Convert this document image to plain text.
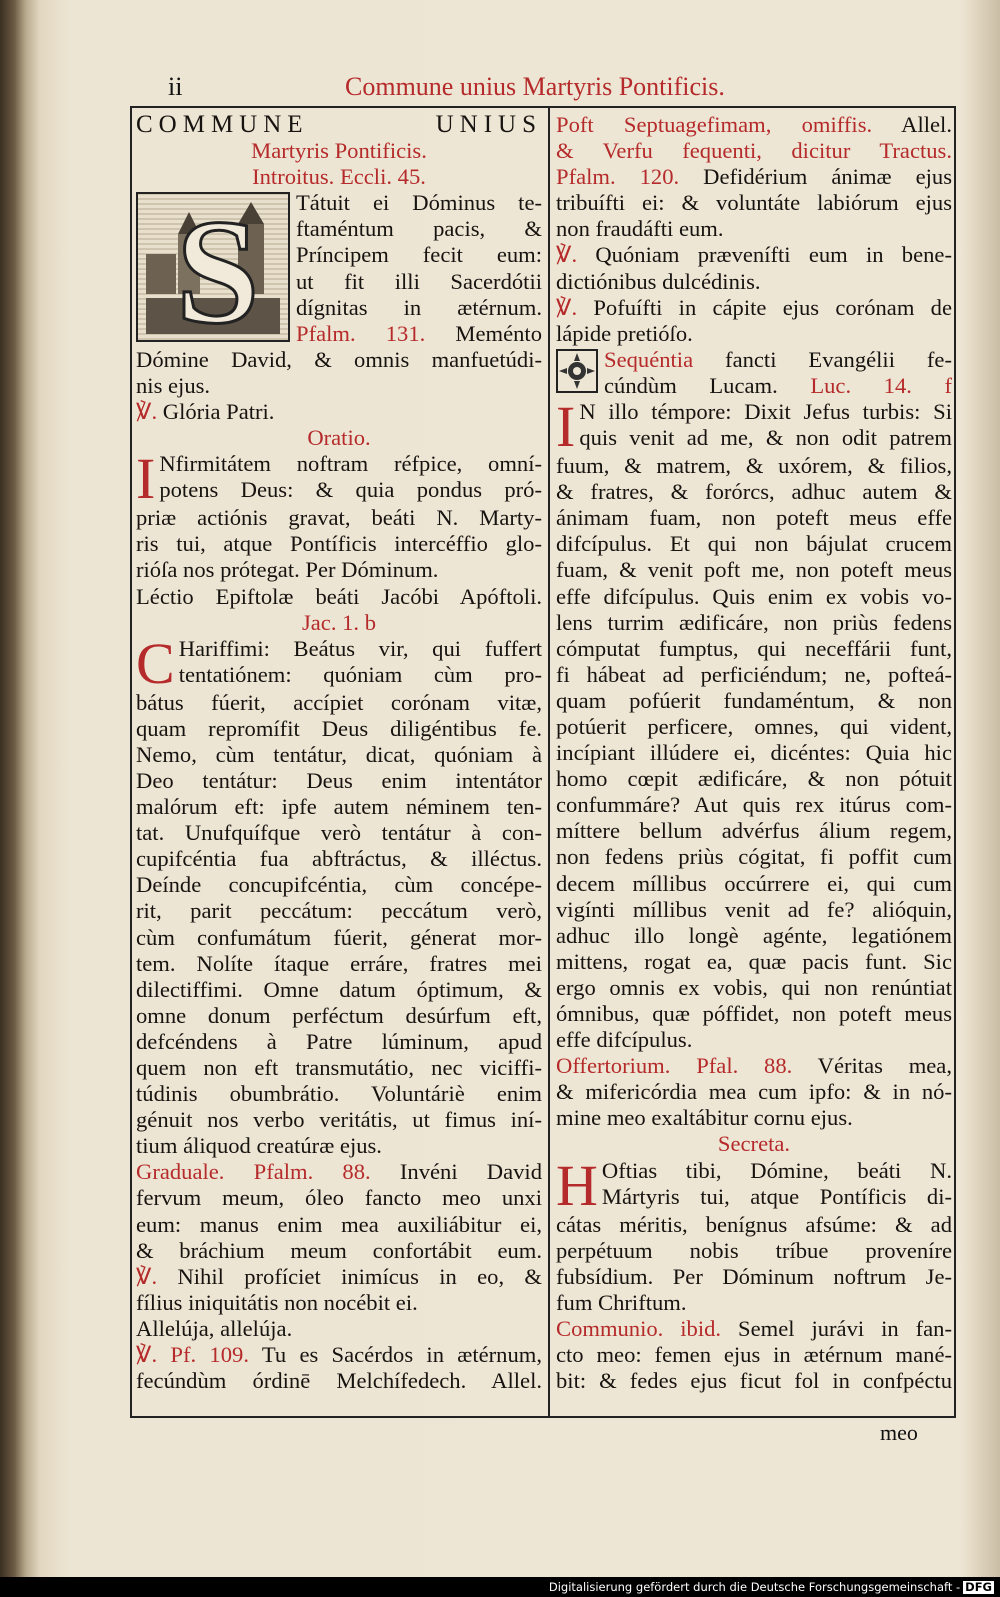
ii	Commune unius Martyris Pontificis.
COMMUNE UNIUS
Martyris Pontificis.
Introitus. Eccli. 45.
S Tátuit ei Dóminus te-
ftaméntum pacis, &
Príncipem fecit eum:
ut fit illi Sacerdótii
dígnitas in ætérnum.
Pfalm. 131. Meménto
Dómine David, & omnis manfuetúdi-
nis ejus.
℣. Glória Patri.
Oratio.
I Nfirmitátem noftram réfpice, omní-
potens Deus: & quia pondus pró-
priæ actiónis gravat, beáti N. Marty-
ris tui, atque Pontíficis intercéffio glo-
rióſa nos prótegat. Per Dóminum.
Léctio Epiftolæ beáti Jacóbi Apóftoli.
Jac. 1. b
C Hariffimi: Beátus vir, qui fuffert
tentatiónem: quóniam cùm pro-
bátus fúerit, accípiet corónam vitæ,
quam repromífit Deus diligéntibus fe.
Nemo, cùm tentátur, dicat, quóniam à
Deo tentátur: Deus enim intentátor
malórum eft: ipfe autem néminem ten-
tat. Unufquífque verò tentátur à con-
cupifcéntia fua abftráctus, & illéctus.
Deínde concupifcéntia, cùm concépe-
rit, parit peccátum: peccátum verò,
cùm confumátum fúerit, génerat mor-
tem. Nolíte ítaque erráre, fratres mei
dilectiffimi. Omne datum óptimum, &
omne donum perféctum desúrfum eft,
defcéndens à Patre lúminum, apud
quem non eft transmutátio, nec viciffi-
túdinis obumbrátio. Voluntáriè enim
génuit nos verbo veritátis, ut fimus iní-
tium áliquod creatúræ ejus.
Graduale. Pfalm. 88. Invéni David
fervum meum, óleo fancto meo unxi
eum: manus enim mea auxiliábitur ei,
& bráchium meum confortábit eum.
℣. Nihil profíciet inimícus in eo, &
fílius iniquitátis non nocébit ei.
Allelúja, allelúja.
℣. Pf. 109. Tu es Sacérdos in ætérnum,
fecúndùm órdinē Melchífedech. Allel.
Poft Septuagefimam, omiffis. Allel.
& Verfu fequenti, dicitur Tractus.
Pfalm. 120. Defidérium ánimæ ejus
tribuífti ei: & voluntáte labiórum ejus
non fraudáfti eum.
℣. Quóniam prævenífti eum in bene-
dictiónibus dulcédinis.
℣. Pofuífti in cápite ejus corónam de
lápide pretióſo.
Sequéntia fancti Evangélii fe-
cúndùm Lucam. Luc. 14. f
I N illo témpore: Dixit Jefus turbis: Si
quis venit ad me, & non odit patrem
fuum, & matrem, & uxórem, & filios,
& fratres, & forórcs, adhuc autem &
ánimam fuam, non poteft meus effe
difcípulus. Et qui non bájulat crucem
fuam, & venit poft me, non poteft meus
effe difcípulus. Quis enim ex vobis vo-
lens turrim ædificáre, non priùs fedens
cómputat fumptus, qui neceffárii funt,
fi hábeat ad perficiéndum; ne, pofteá-
quam pofúerit fundaméntum, & non
potúerit perficere, omnes, qui vident,
incípiant illúdere ei, dicéntes: Quia hic
homo cœpit ædificáre, & non pótuit
confummáre? Aut quis rex itúrus com-
míttere bellum advérfus álium regem,
non fedens priùs cógitat, fi poffit cum
decem míllibus occúrrere ei, qui cum
vigínti míllibus venit ad fe? alióquin,
adhuc illo longè agénte, legatiónem
mittens, rogat ea, quæ pacis funt. Sic
ergo omnis ex vobis, qui non renúntiat
ómnibus, quæ póffidet, non poteft meus
effe difcípulus.
Offertorium. Pfal. 88. Véritas mea,
& mifericórdia mea cum ipfo: & in nó-
mine meo exaltábitur cornu ejus.
Secreta.
H Oftias tibi, Dómine, beáti N.
Mártyris tui, atque Pontíficis di-
cátas méritis, benígnus afsúme: & ad
perpétuum nobis tríbue proveníre
fubsídium. Per Dóminum noftrum Je-
fum Chriftum.
Communio. ibid. Semel jurávi in fan-
cto meo: femen ejus in ætérnum mané-
bit: & fedes ejus ficut fol in confpéctu
meo
Digitalisierung gefördert durch die Deutsche Forschungsgemeinschaft - DFG
